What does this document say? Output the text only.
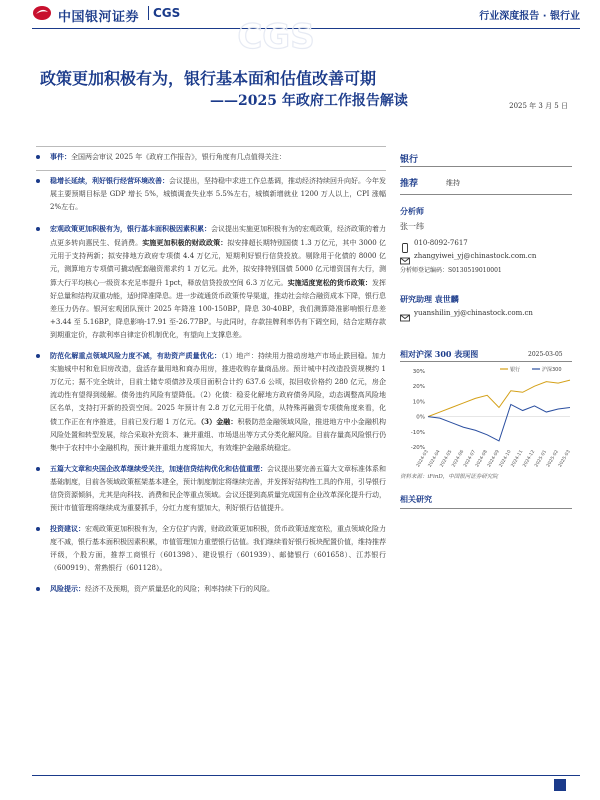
中国银河证券 CGS	行业深度报告 · 银行业
CGS
政策更加积极有为，银行基本面和估值改善可期
——2025 年政府工作报告解读	2025 年 3 月 5 日
事件：全国两会审议 2025 年《政府工作报告》，银行角度有几点值得关注：
稳增长延续，利好银行经营环境改善：会议提出，坚持稳中求进工作总基调，推动经济持续回升向好。今年发展主要预期目标是 GDP 增长 5%，城镇调查失业率 5.5%左右，城镇新增就业 1200 万人以上，CPI 涨幅 2%左右。
宏观政策更加积极有为，银行基本面积极因素积累：会议提出实施更加积极有为的宏观政策，经济政策的着力点更多转向惠民生、促消费。实施更加积极的财政政策：拟安排超长期特别国债 1.3 万亿元，其中 3000 亿元用于支持两新；拟安排地方政府专项债 4.4 万亿元，短期利好银行信贷投放。剔除用于化债的 8000 亿元，测算地方专项债可撬动配套融资需求约 1 万亿元。此外，拟安排特别国债 5000 亿元增资国有大行，测算大行平均核心一级资本充足率提升 1pct，释放信贷投放空间 6.3 万亿元。实施适度宽松的货币政策：发挥好总量和结构双重功能，适时降准降息。进一步疏通货币政策传导渠道，推动社会综合融资成本下降，银行息差压力仍存。银河宏观团队预计 2025 年降准 100-150BP，降息 30-40BP，我们测算降准影响银行息差+3.44 至 5.16BP，降息影响-17.91 至-26.77BP。与此同时，存款挂牌利率仍有下调空间，结合定期存款到期重定价，存款利率自律定价机制优化，有望向上支撑息差。
防范化解重点领域风险力度不减，有助资产质量优化：（1）地产：持续用力推动房地产市场止跌回稳。加力实施城中村和危旧房改造，盘活存量用地和商办用房，推进收购存量商品房。预计城中村改造投资规模约 1 万亿元；据不完全统计，目前土储专项债涉及项目面积合计约 637.6 公顷，拟回收价格约 280 亿元，房企流动性有望得到缓解。债务违约风险有望降低。（2）化债：稳妥化解地方政府债务风险，动态调整高风险地区名单，支持打开新的投资空间。2025 年预计有 2.8 万亿元用于化债，从特殊再融资专项债角度来看，化债工作正在有序推进，目前已发行超 1 万亿元。（3）金融：积极防范金融领域风险，推进地方中小金融机构风险处置和转型发展，综合采取补充资本、兼并重组、市场退出等方式分类化解风险。目前存量高风险银行仍集中于农村中小金融机构，预计兼并重组力度将加大，有效维护金融系统稳定。
五篇大文章和央国企改革继续受关注，加速信贷结构优化和估值重塑：会议提出要完善五篇大文章标准体系和基础制度，目前各领域政策框架基本建全，预计制度制定将继续完善，并发挥好结构性工具的作用，引导银行信贷资源倾斜，尤其是向科技、消费和民企等重点领域。会议还提到高质量完成国有企业改革深化提升行动，预计市值管理将继续成为重要抓手，分红力度有望加大，利好银行估值提升。
投资建议：宏观政策更加积极有为，全方位扩内需，财政政策更加积极，货币政策适度宽松，重点领域化险力度不减，银行基本面积极因素积累，市值管理加力重塑银行估值。我们继续看好银行板块配置价值，维持推荐评级，个股方面，推荐工商银行（601398）、建设银行（601939）、邮储银行（601658）、江苏银行（600919）、常熟银行（601128）。
风险提示：经济不及预期，资产质量恶化的风险；利率持续下行的风险。
银行
推荐	维持
分析师
张一纬
010-8092-7617
zhangyiwei_yj@chinastock.com.cn
分析师登记编码：S0130519010001
研究助理 袁世麟
yuanshilin_yj@chinastock.com.cn
相对沪深 300 表现图	2025-03-05
30%
20%
10%
0%
-10%
-20%
银行	沪深300
2024-03
2024-04
2024-05
2024-06
2024-07
2024-08
2024-09
2024-10
2024-11
2024-12
2025-01
2025-02
2025-03
资料来源：iFinD，中国银河证券研究院
相关研究
